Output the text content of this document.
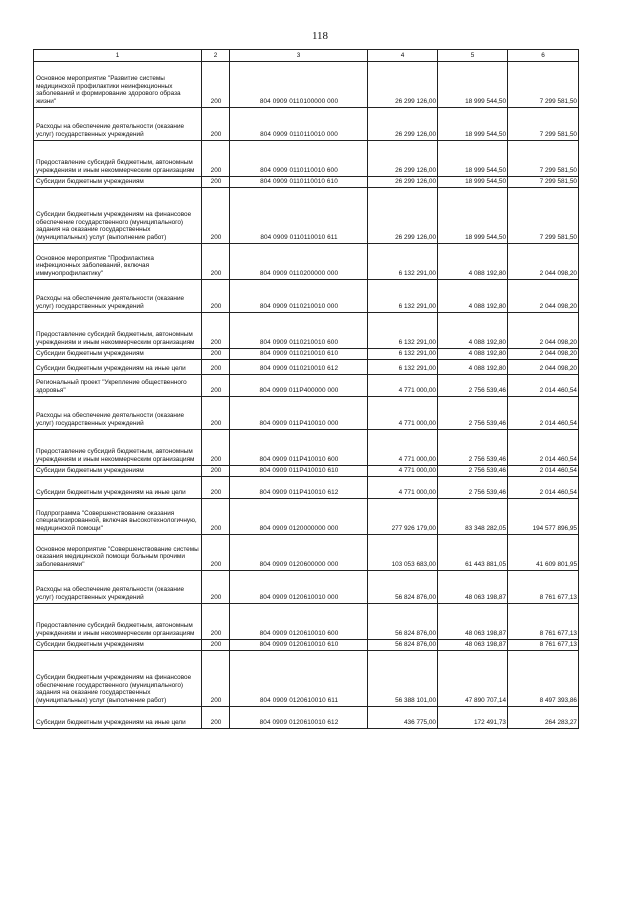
118
1	2	3	4	5	6
Основное мероприятие "Развитие системы медицинской профилактики неинфекционных заболеваний и формирование здорового образа жизни"	200	804 0909 0110100000 000	26 299 126,00	18 999 544,50	7 299 581,50
Расходы на обеспечение деятельности (оказание услуг) государственных учреждений	200	804 0909 0110110010 000	26 299 126,00	18 999 544,50	7 299 581,50
Предоставление субсидий бюджетным, автономным учреждениям и иным некоммерческим организациям	200	804 0909 0110110010 600	26 299 126,00	18 999 544,50	7 299 581,50
Субсидии бюджетным учреждениям	200	804 0909 0110110010 610	26 299 126,00	18 999 544,50	7 299 581,50
Субсидии бюджетным учреждениям на финансовое обеспечение государственного (муниципального) задания на оказание государственных (муниципальных) услуг (выполнение работ)	200	804 0909 0110110010 611	26 299 126,00	18 999 544,50	7 299 581,50
Основное мероприятие "Профилактика инфекционных заболеваний, включая иммунопрофилактику"	200	804 0909 0110200000 000	6 132 291,00	4 088 192,80	2 044 098,20
Расходы на обеспечение деятельности (оказание услуг) государственных учреждений	200	804 0909 0110210010 000	6 132 291,00	4 088 192,80	2 044 098,20
Предоставление субсидий бюджетным, автономным учреждениям и иным некоммерческим организациям	200	804 0909 0110210010 600	6 132 291,00	4 088 192,80	2 044 098,20
Субсидии бюджетным учреждениям	200	804 0909 0110210010 610	6 132 291,00	4 088 192,80	2 044 098,20
Субсидии бюджетным учреждениям на иные цели	200	804 0909 0110210010 612	6 132 291,00	4 088 192,80	2 044 098,20
Региональный проект "Укрепление общественного здоровья"	200	804 0909 011P400000 000	4 771 000,00	2 756 539,46	2 014 460,54
Расходы на обеспечение деятельности (оказание услуг) государственных учреждений	200	804 0909 011P410010 000	4 771 000,00	2 756 539,46	2 014 460,54
Предоставление субсидий бюджетным, автономным учреждениям и иным некоммерческим организациям	200	804 0909 011P410010 600	4 771 000,00	2 756 539,46	2 014 460,54
Субсидии бюджетным учреждениям	200	804 0909 011P410010 610	4 771 000,00	2 756 539,46	2 014 460,54
Субсидии бюджетным учреждениям на иные цели	200	804 0909 011P410010 612	4 771 000,00	2 756 539,46	2 014 460,54
Подпрограмма "Совершенствование оказания специализированной, включая высокотехнологичную, медицинской помощи"	200	804 0909 0120000000 000	277 926 179,00	83 348 282,05	194 577 896,95
Основное мероприятие "Совершенствование системы оказания медицинской помощи больным прочими заболеваниями"	200	804 0909 0120600000 000	103 053 683,00	61 443 881,05	41 609 801,95
Расходы на обеспечение деятельности (оказание услуг) государственных учреждений	200	804 0909 0120610010 000	56 824 876,00	48 063 198,87	8 761 677,13
Предоставление субсидий бюджетным, автономным учреждениям и иным некоммерческим организациям	200	804 0909 0120610010 600	56 824 876,00	48 063 198,87	8 761 677,13
Субсидии бюджетным учреждениям	200	804 0909 0120610010 610	56 824 876,00	48 063 198,87	8 761 677,13
Субсидии бюджетным учреждениям на финансовое обеспечение государственного (муниципального) задания на оказание государственных (муниципальных) услуг (выполнение работ)	200	804 0909 0120610010 611	56 388 101,00	47 890 707,14	8 497 393,86
Субсидии бюджетным учреждениям на иные цели	200	804 0909 0120610010 612	436 775,00	172 491,73	264 283,27
